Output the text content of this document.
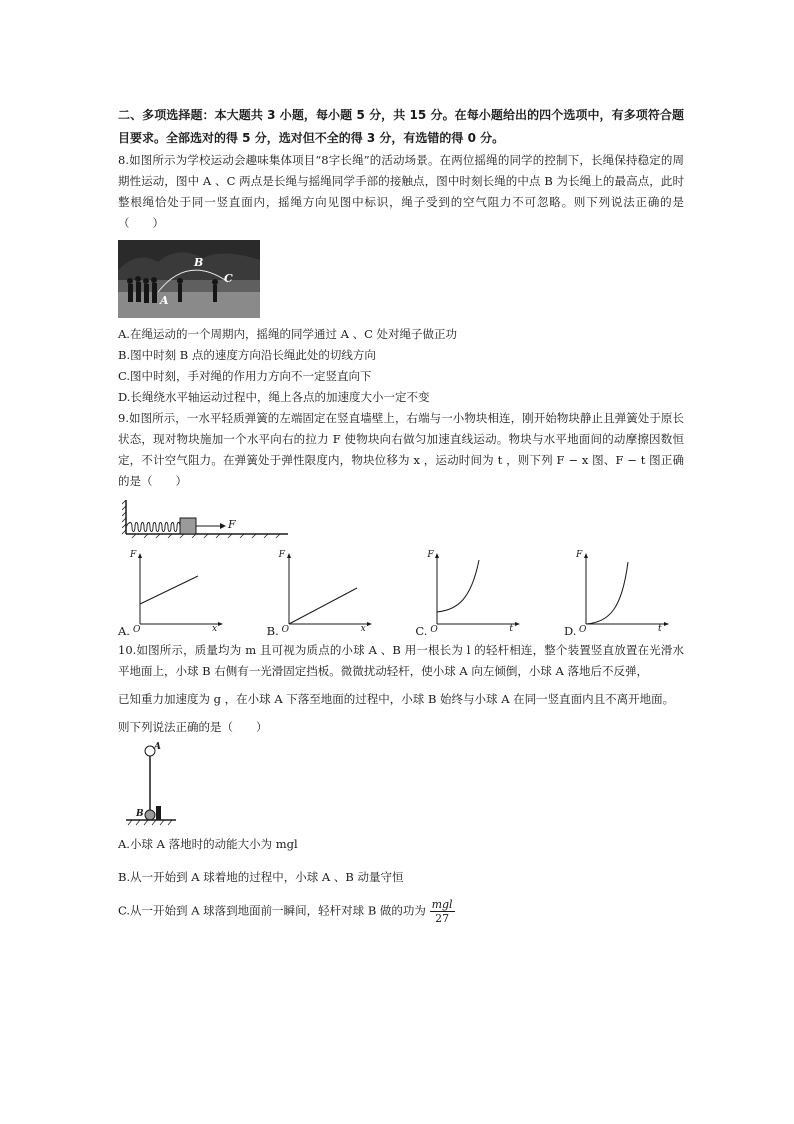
二、多项选择题：本大题共 3 小题，每小题 5 分，共 15 分。在每小题给出的四个选项中，有多项符合题目要求。全部选对的得 5 分，选对但不全的得 3 分，有选错的得 0 分。

8.如图所示为学校运动会趣味集体项目“8字长绳”的活动场景。在两位摇绳的同学的控制下，长绳保持稳定的周期性运动，图中 A 、C 两点是长绳与摇绳同学手部的接触点，图中时刻长绳的中点 B 为长绳上的最高点，此时整根绳恰处于同一竖直面内，摇绳方向见图中标识，绳子受到的空气阻力不可忽略。则下列说法正确的是（　　）

A
B
C

A.在绳运动的一个周期内，摇绳的同学通过 A 、C 处对绳子做正功

B.图中时刻 B 点的速度方向沿长绳此处的切线方向

C.图中时刻，手对绳的作用力方向不一定竖直向下

D.长绳绕水平轴运动过程中，绳上各点的加速度大小一定不变

9.如图所示，一水平轻质弹簧的左端固定在竖直墙壁上，右端与一小物块相连，刚开始物块静止且弹簧处于原长状态，现对物块施加一个水平向右的拉力 F 使物块向右做匀加速直线运动。物块与水平地面间的动摩擦因数恒定，不计空气阻力。在弹簧处于弹性限度内，物块位移为 x ，运动时间为 t ，则下列 F − x 图、F − t 图正确的是（　　）

F
A.
F
O	x	B.
F
O	x	C.
F
O	t	D.
F
O	t

10.如图所示，质量均为 m 且可视为质点的小球 A 、B 用一根长为 l 的轻杆相连，整个装置竖直放置在光滑水平地面上，小球 B 右侧有一光滑固定挡板。微微扰动轻杆，使小球 A 向左倾倒，小球 A 落地后不反弹，

已知重力加速度为 g ，在小球 A 下落至地面的过程中，小球 B 始终与小球 A 在同一竖直面内且不离开地面。

则下列说法正确的是（　　）

A
B

A.小球 A 落地时的动能大小为 mgl

B.从一开始到 A 球着地的过程中，小球 A 、B 动量守恒

C.从一开始到 A 球落到地面前一瞬间，轻杆对球 B 做的功为 $\frac{\text{mgl}}{27}$
